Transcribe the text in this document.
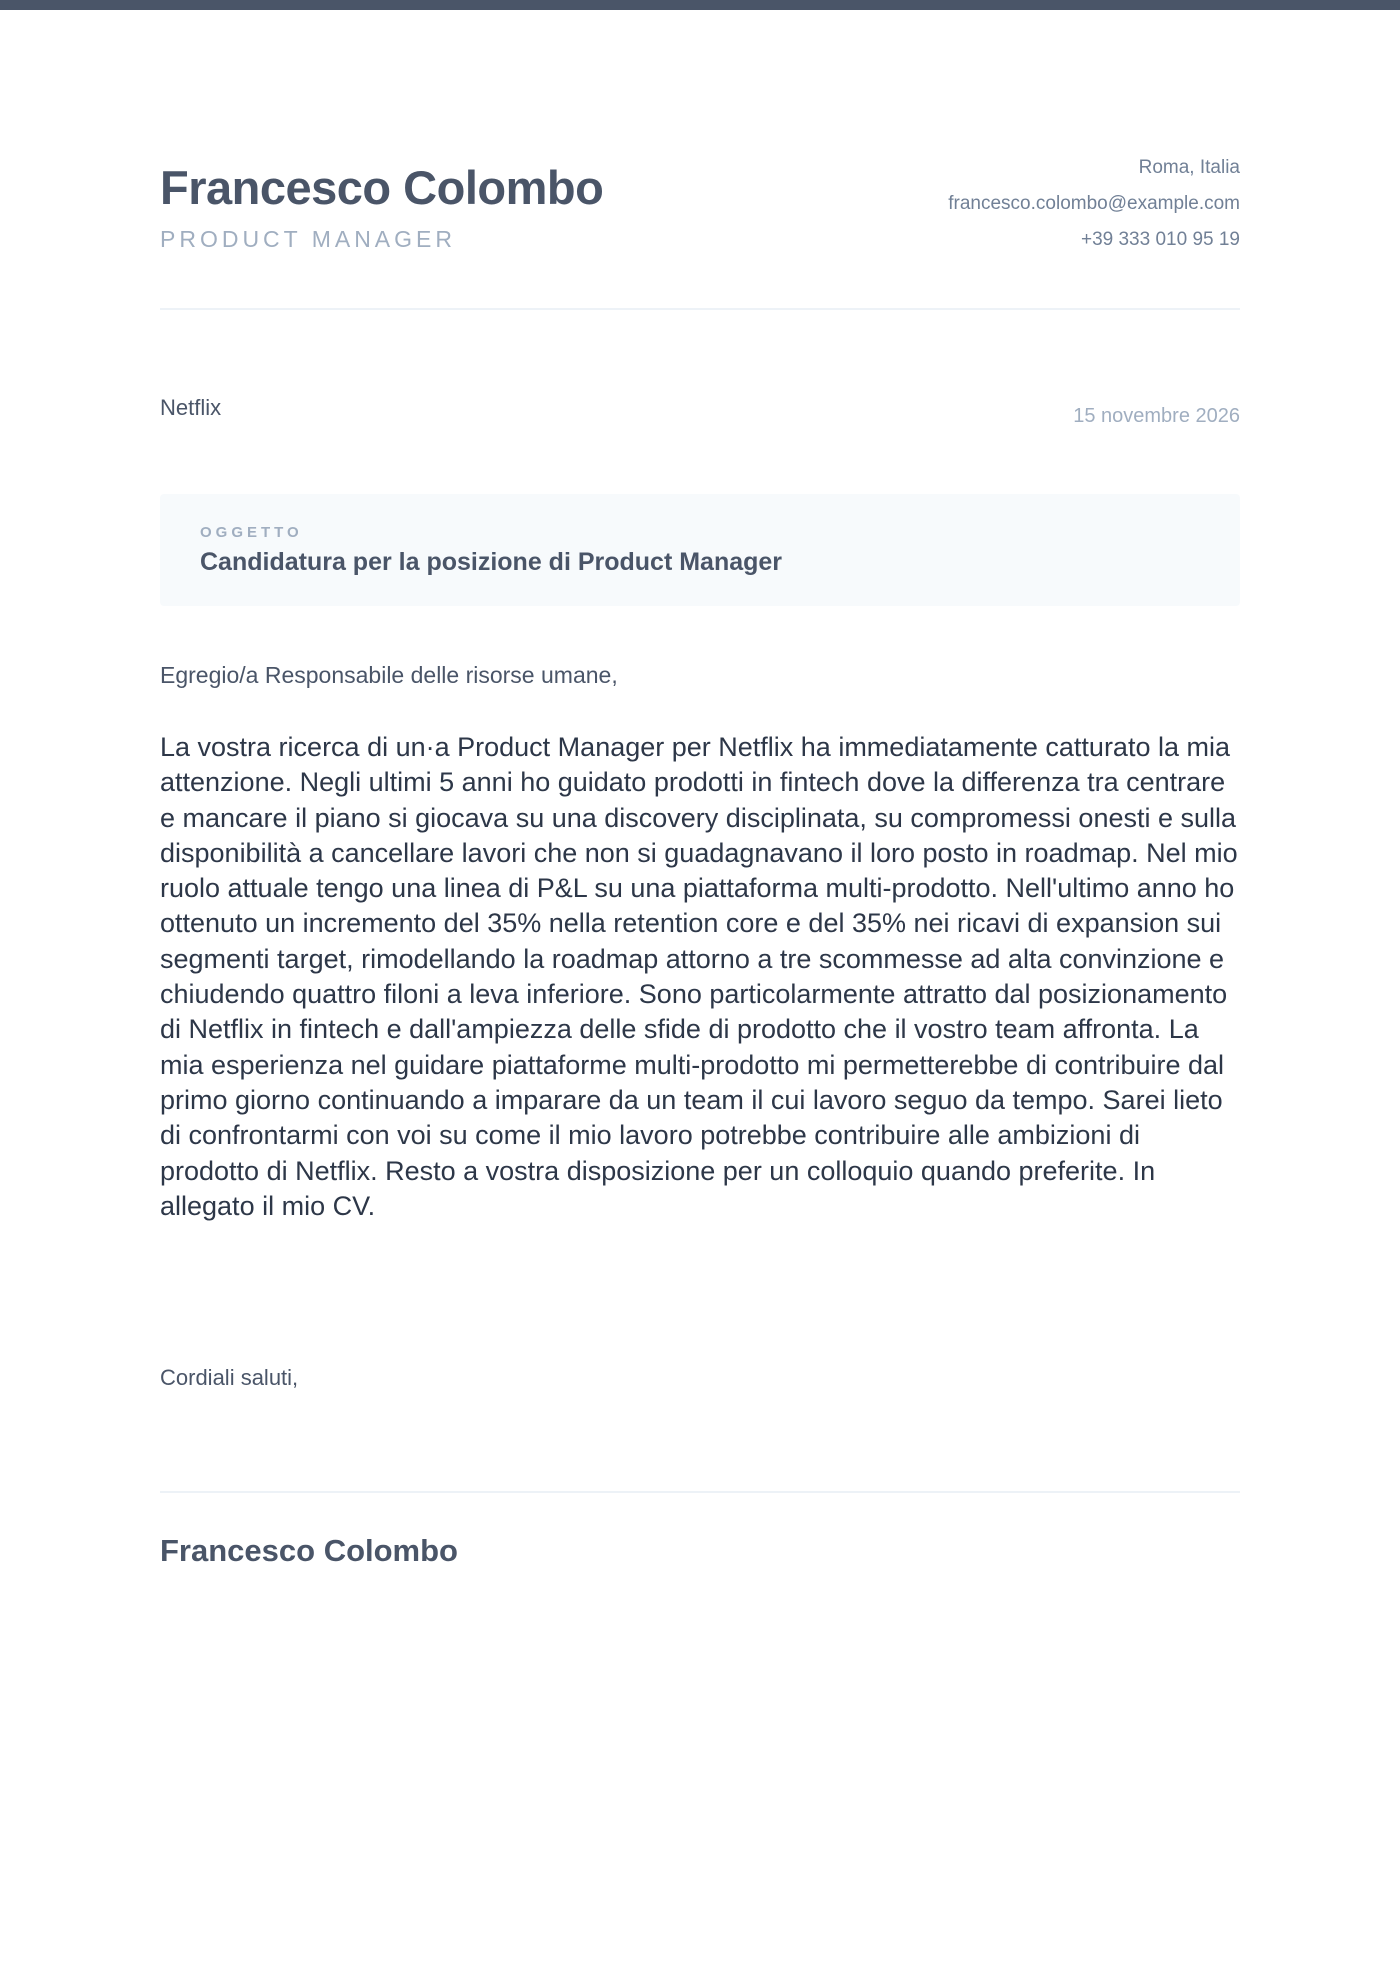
Francesco Colombo
PRODUCT MANAGER
Roma, Italia
francesco.colombo@example.com
+39 333 010 95 19
Netflix	15 novembre 2026
OGGETTO
Candidatura per la posizione di Product Manager
Egregio/a Responsabile delle risorse umane,

La vostra ricerca di un·a Product Manager per Netflix ha immediatamente catturato la mia attenzione. Negli ultimi 5 anni ho guidato prodotti in fintech dove la differenza tra centrare e mancare il piano si giocava su una discovery disciplinata, su compromessi onesti e sulla disponibilità a cancellare lavori che non si guadagnavano il loro posto in roadmap. Nel mio ruolo attuale tengo una linea di P&L su una piattaforma multi-prodotto. Nell'ultimo anno ho ottenuto un incremento del 35% nella retention core e del 35% nei ricavi di expansion sui segmenti target, rimodellando la roadmap attorno a tre scommesse ad alta convinzione e chiudendo quattro filoni a leva inferiore. Sono particolarmente attratto dal posizionamento di Netflix in fintech e dall'ampiezza delle sfide di prodotto che il vostro team affronta. La mia esperienza nel guidare piattaforme multi-prodotto mi permetterebbe di contribuire dal primo giorno continuando a imparare da un team il cui lavoro seguo da tempo. Sarei lieto di confrontarmi con voi su come il mio lavoro potrebbe contribuire alle ambizioni di prodotto di Netflix. Resto a vostra disposizione per un colloquio quando preferite. In allegato il mio CV.

Cordiali saluti,
Francesco Colombo
